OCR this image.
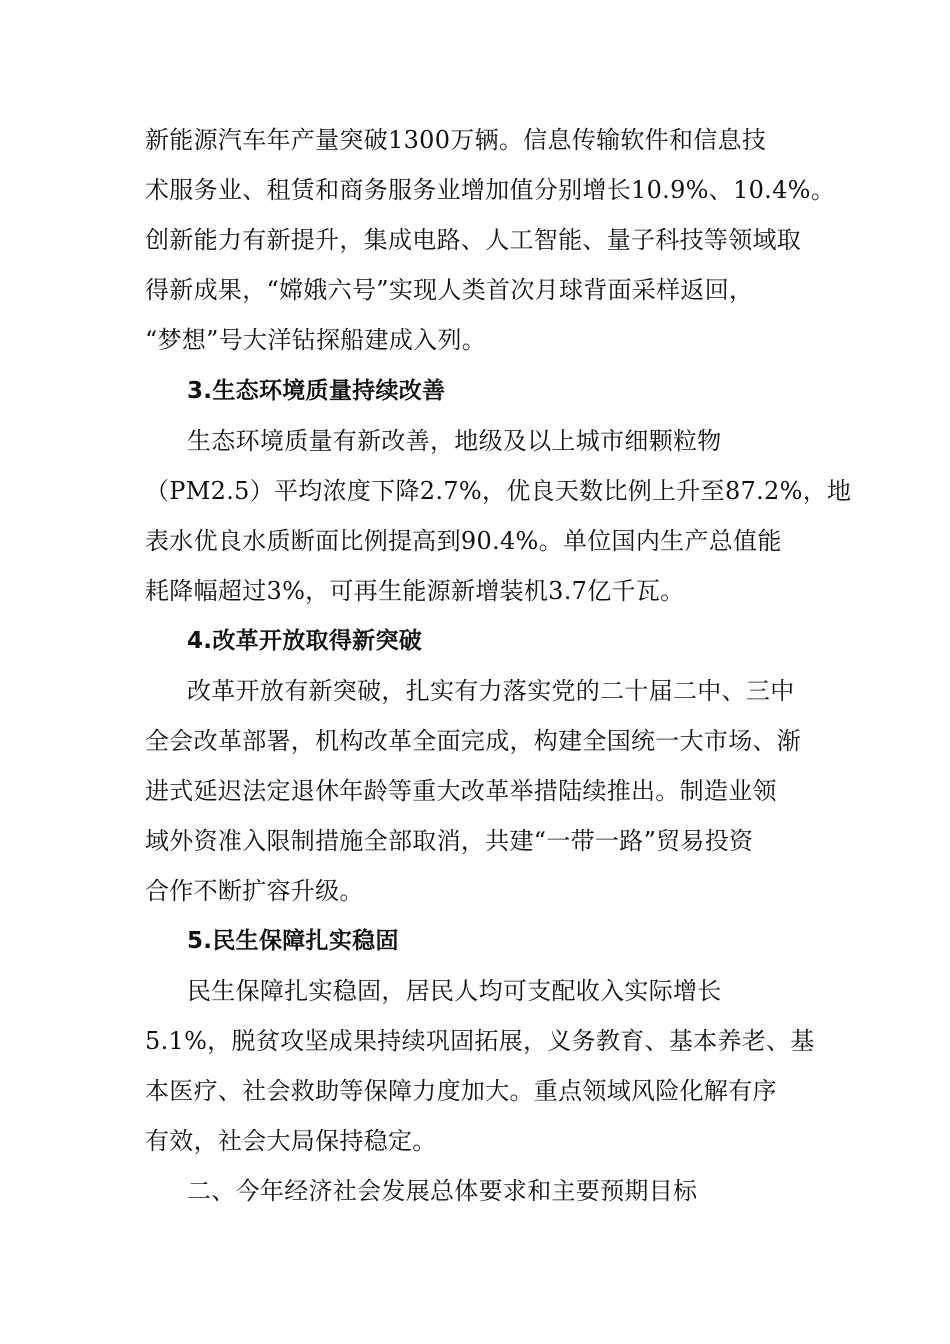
新能源汽车年产量突破1300万辆。信息传输软件和信息技
术服务业、租赁和商务服务业增加值分别增长10.9%、10.4%。
创新能力有新提升，集成电路、人工智能、量子科技等领域取
得新成果，“嫦娥六号”实现人类首次月球背面采样返回，
“梦想”号大洋钻探船建成入列。
3.生态环境质量持续改善
生态环境质量有新改善，地级及以上城市细颗粒物
（PM2.5）平均浓度下降2.7%，优良天数比例上升至87.2%，地
表水优良水质断面比例提高到90.4%。单位国内生产总值能
耗降幅超过3%，可再生能源新增装机3.7亿千瓦。
4.改革开放取得新突破
改革开放有新突破，扎实有力落实党的二十届二中、三中
全会改革部署，机构改革全面完成，构建全国统一大市场、渐
进式延迟法定退休年龄等重大改革举措陆续推出。制造业领
域外资准入限制措施全部取消，共建“一带一路”贸易投资
合作不断扩容升级。
5.民生保障扎实稳固
民生保障扎实稳固，居民人均可支配收入实际增长
5.1%，脱贫攻坚成果持续巩固拓展，义务教育、基本养老、基
本医疗、社会救助等保障力度加大。重点领域风险化解有序
有效，社会大局保持稳定。
二、今年经济社会发展总体要求和主要预期目标
